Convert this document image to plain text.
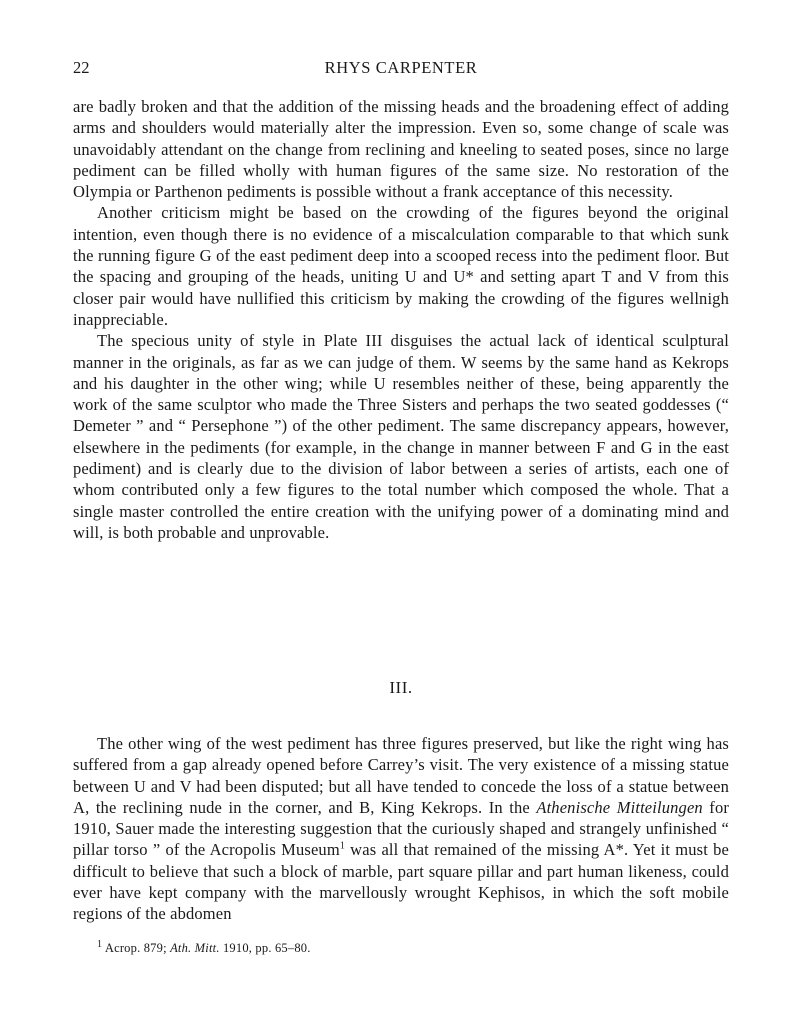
22	RHYS CARPENTER

are badly broken and that the addition of the missing heads and the broadening effect of adding arms and shoulders would materially alter the impression. Even so, some change of scale was unavoidably attendant on the change from reclining and kneeling to seated poses, since no large pediment can be filled wholly with human figures of the same size. No restoration of the Olympia or Parthenon pediments is possible without a frank acceptance of this necessity.

Another criticism might be based on the crowding of the figures beyond the original intention, even though there is no evidence of a miscalculation comparable to that which sunk the running figure G of the east pediment deep into a scooped recess into the pediment floor. But the spacing and grouping of the heads, uniting U and U* and setting apart T and V from this closer pair would have nullified this criticism by making the crowding of the figures wellnigh inappreciable.

The specious unity of style in Plate III disguises the actual lack of identical sculptural manner in the originals, as far as we can judge of them. W seems by the same hand as Kekrops and his daughter in the other wing; while U resembles neither of these, being apparently the work of the same sculptor who made the Three Sisters and perhaps the two seated goddesses (“ Demeter ” and “ Persephone ”) of the other pediment. The same discrepancy appears, however, elsewhere in the pediments (for example, in the change in manner between F and G in the east pediment) and is clearly due to the division of labor between a series of artists, each one of whom contributed only a few figures to the total number which composed the whole. That a single master controlled the entire creation with the unifying power of a dominating mind and will, is both probable and unprovable.

III.

The other wing of the west pediment has three figures preserved, but like the right wing has suffered from a gap already opened before Carrey’s visit. The very existence of a missing statue between U and V had been disputed; but all have tended to concede the loss of a statue between A, the reclining nude in the corner, and B, King Kekrops. In the Athenische Mitteilungen for 1910, Sauer made the interesting suggestion that the curiously shaped and strangely unfinished “ pillar torso ” of the Acropolis Museum$^1$ was all that remained of the missing A*. Yet it must be difficult to believe that such a block of marble, part square pillar and part human likeness, could ever have kept company with the marvellously wrought Kephisos, in which the soft mobile regions of the abdomen

$^1$ Acrop. 879; Ath. Mitt. 1910, pp. 65–80.
